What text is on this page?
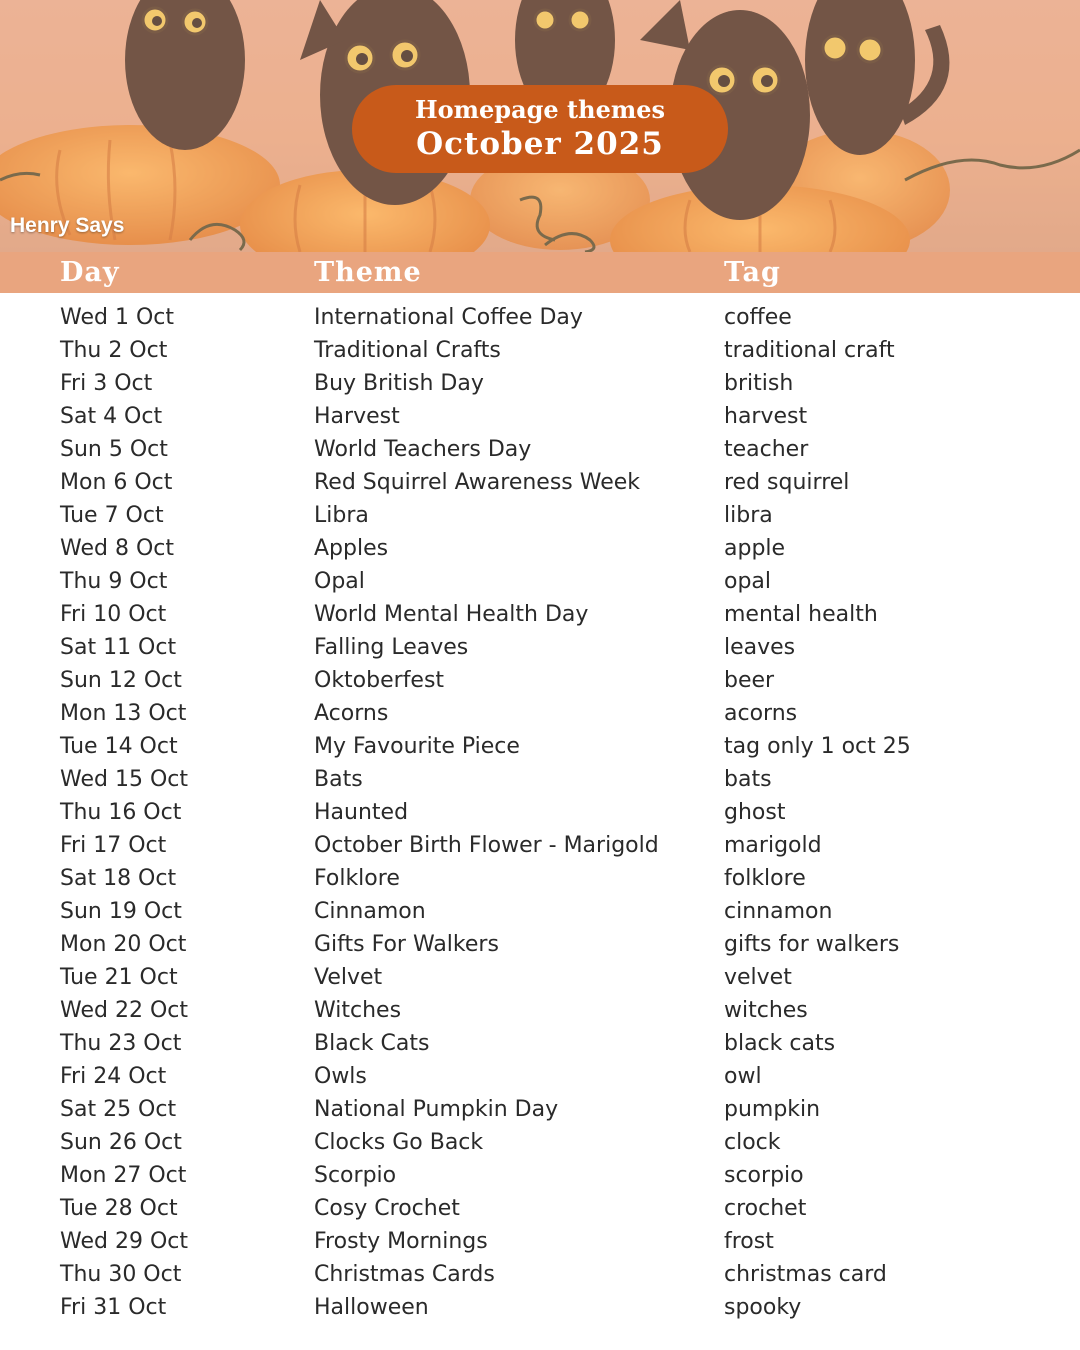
Homepage themes
October 2025
Henry Says
Day	Theme	Tag
Wed 1 Oct	International Coffee Day	coffee
Thu 2 Oct	Traditional Crafts	traditional craft
Fri 3 Oct	Buy British Day	british
Sat 4 Oct	Harvest	harvest
Sun 5 Oct	World Teachers Day	teacher
Mon 6 Oct	Red Squirrel Awareness Week	red squirrel
Tue 7 Oct	Libra	libra
Wed 8 Oct	Apples	apple
Thu 9 Oct	Opal	opal
Fri 10 Oct	World Mental Health Day	mental health
Sat 11 Oct	Falling Leaves	leaves
Sun 12 Oct	Oktoberfest	beer
Mon 13 Oct	Acorns	acorns
Tue 14 Oct	My Favourite Piece	tag only 1 oct 25
Wed 15 Oct	Bats	bats
Thu 16 Oct	Haunted	ghost
Fri 17 Oct	October Birth Flower - Marigold	marigold
Sat 18 Oct	Folklore	folklore
Sun 19 Oct	Cinnamon	cinnamon
Mon 20 Oct	Gifts For Walkers	gifts for walkers
Tue 21 Oct	Velvet	velvet
Wed 22 Oct	Witches	witches
Thu 23 Oct	Black Cats	black cats
Fri 24 Oct	Owls	owl
Sat 25 Oct	National Pumpkin Day	pumpkin
Sun 26 Oct	Clocks Go Back	clock
Mon 27 Oct	Scorpio	scorpio
Tue 28 Oct	Cosy Crochet	crochet
Wed 29 Oct	Frosty Mornings	frost
Thu 30 Oct	Christmas Cards	christmas card
Fri 31 Oct	Halloween	spooky
